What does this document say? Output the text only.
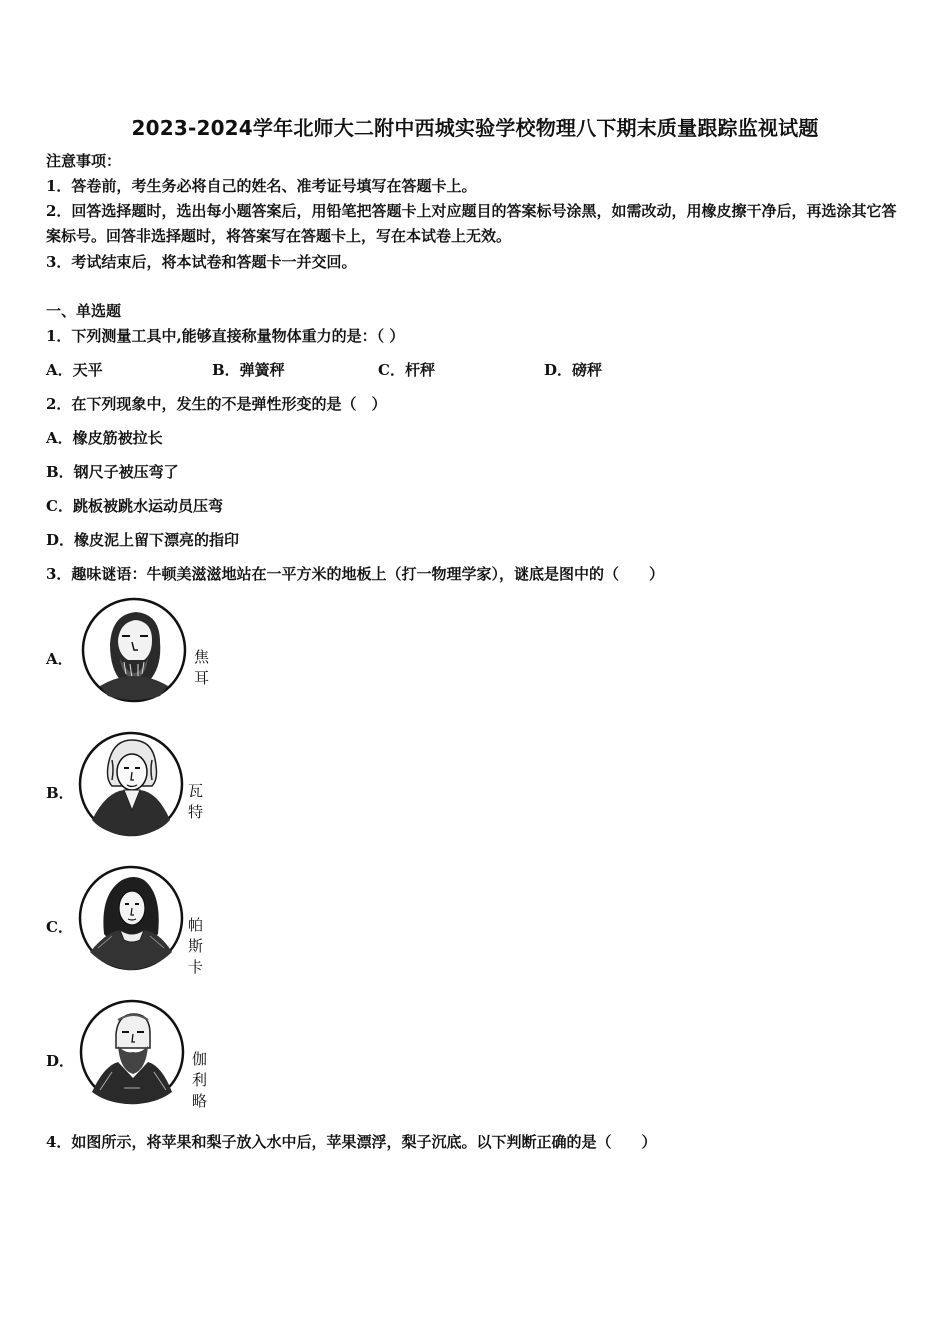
2023-2024学年北师大二附中西城实验学校物理八下期末质量跟踪监视试题
注意事项：
1．答卷前，考生务必将自己的姓名、准考证号填写在答题卡上。
2．回答选择题时，选出每小题答案后，用铅笔把答题卡上对应题目的答案标号涂黑，如需改动，用橡皮擦干净后，再选涂其它答案标号。回答非选择题时，将答案写在答题卡上，写在本试卷上无效。
3．考试结束后，将本试卷和答题卡一并交回。
一、单选题
1．下列测量工具中,能够直接称量物体重力的是：（ ）
A．天平	B．弹簧秤	C．杆秤	D．磅秤
2．在下列现象中，发生的不是弹性形变的是（　）
A．橡皮筋被拉长
B．钢尺子被压弯了
C．跳板被跳水运动员压弯
D．橡皮泥上留下漂亮的指印
3．趣味谜语：牛顿美滋滋地站在一平方米的地板上（打一物理学家），谜底是图中的（　　）
A．	焦耳
B．	瓦特
C．	帕斯卡
D．	伽利略
4．如图所示，将苹果和梨子放入水中后，苹果漂浮，梨子沉底。以下判断正确的是（　　）
